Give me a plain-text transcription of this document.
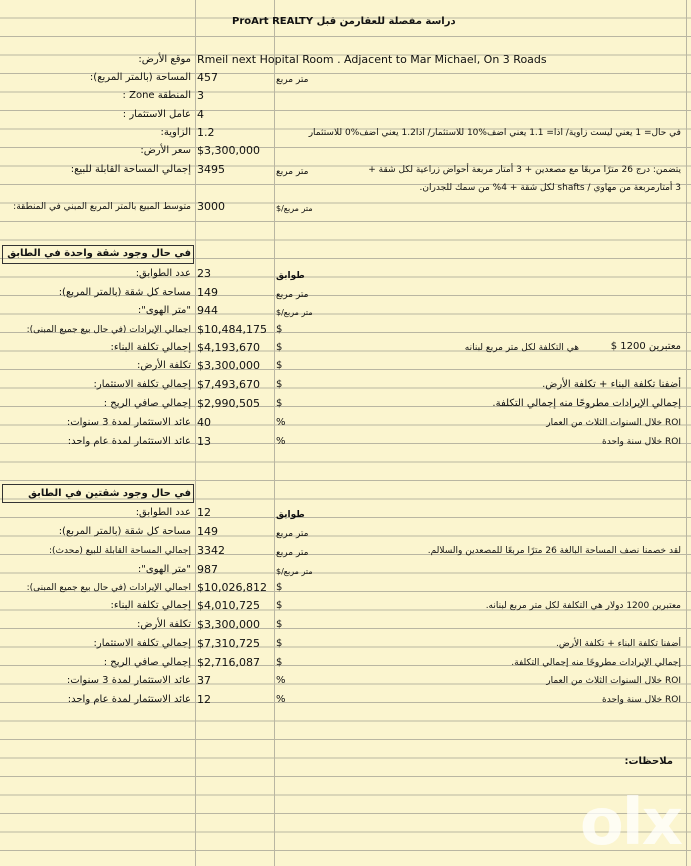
ProArt REALTY دراسة مفصلة للعقارمن قبل
موقع الأرض: Rmeil next Hopital Room . Adjacent to Mar Michael, On 3 Roads
المساحة (بالمتر المربع): 457	متر مربع
المنطقة Zone : 3
عامل الاستثمار : 4
الزاوية: 1.2	في حال= 1 يعني ليست زاوية/ اذا= 1.1 يعني اضف%10 للاستثمار/ اذا1.2 يعني اضف%0 للاستثمار
سعر الأرض: $3,300,000
إجمالي المساحة القابلة للبيع: 3495	متر مربع	يتضمن: درج 26 مترًا مربعًا مع مصعدين + 3 أمتار مربعة أحواض زراعية لكل شقة +
3 أمتارمربعة من مهاوي / shafts لكل شقة + 4% من سمك للجدران.
متوسط المبيع بالمتر المربع المبني في المنطقة: 3000	متر مربع/$
في حال وجود شقة واحدة في الطابق
عدد الطوابق: 23	طوابق
مساحة كل شقة (بالمتر المربع): 149	متر مربع
"متر الهوى": 944	متر مربع/$
اجمالي الإيرادات (في حال بيع جميع المبنى): $10,484,175 $
إجمالي تكلفة البناء: $4,193,670 $	هي التكلفة لكل متر مربع لبنانه	معتبرين 1200 $
تكلفة الأرض: $3,300,000 $
إجمالي تكلفة الاستثمار: $7,493,670 $	أضفنا تكلفة البناء + تكلفة الأرض.
إجمالي صافي الربح : $2,990,505 $	إجمالي الإيرادات مطروحًا منه إجمالي التكلفة.
عائد الاستثمار لمدة 3 سنوات: 40	%	ROI خلال السنوات الثلاث من العمار
عائد الاستثمار لمدة عام واحد: 13	%	ROI خلال سنة واحدة
في حال وجود شقتين في الطابق
عدد الطوابق: 12	طوابق
مساحة كل شقة (بالمتر المربع): 149	متر مربع
إجمالي المساحة القابلة للبيع (محدث): 3342	متر مربع	لقد خصمنا نصف المساحة البالغة 26 مترًا مربعًا للمصعدين والسلالم.
"متر الهوى": 987	متر مربع/$
اجمالي الإيرادات (في حال بيع جميع المبنى): $10,026,812 $
إجمالي تكلفة البناء: $4,010,725 $	معتبرين 1200 دولار هي التكلفة لكل متر مربع لبنانه.
تكلفة الأرض: $3,300,000 $
إجمالي تكلفة الاستثمار: $7,310,725 $	أضفنا تكلفة البناء + تكلفة الأرض.
إجمالي صافي الربح : $2,716,087 $	إجمالي الإيرادات مطروحًا منه إجمالي التكلفة.
عائد الاستثمار لمدة 3 سنوات: 37	%	ROI خلال السنوات الثلاث من العمار
عائد الاستثمار لمدة عام واحد: 12	%	ROI خلال سنة واحدة
ملاحظات:
olx
